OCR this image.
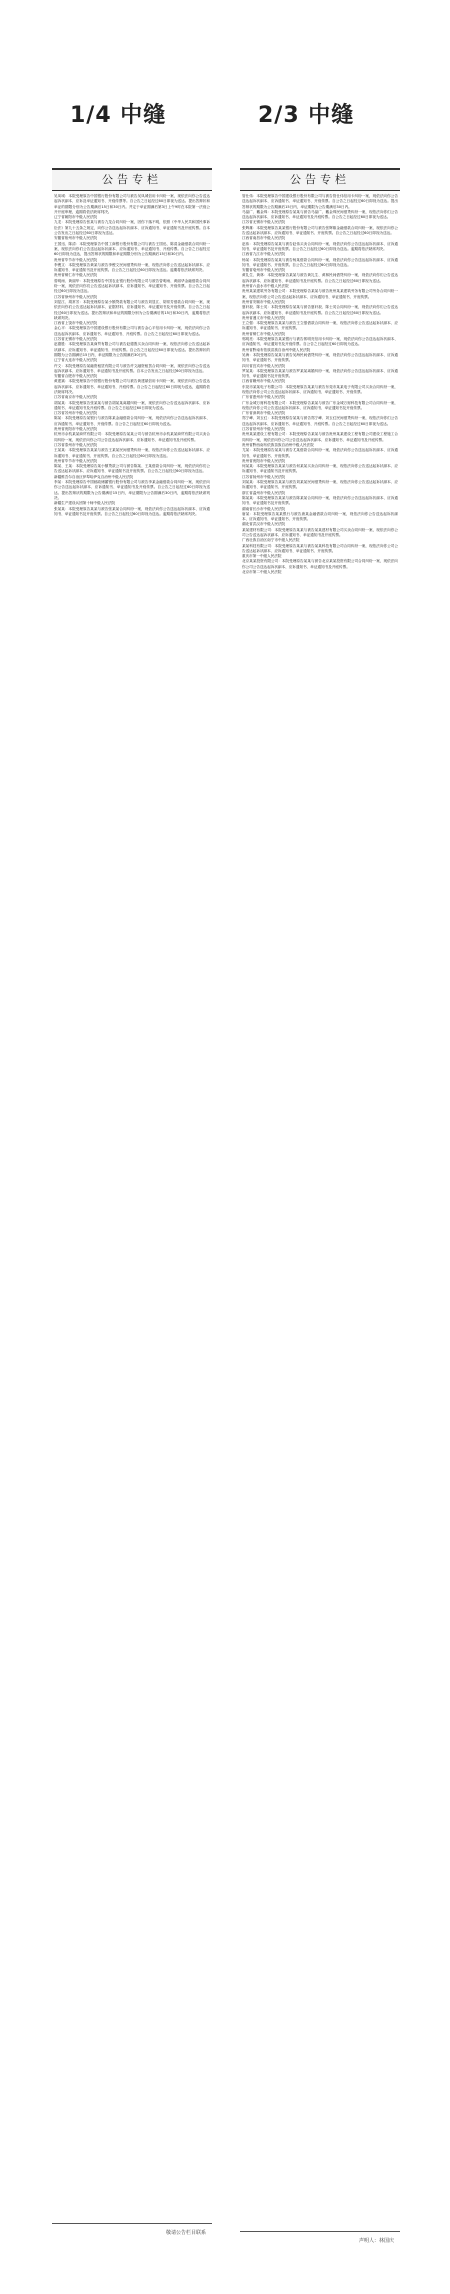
1/4 中缝	2/3 中缝
公告专栏

吴凤城：本院受理原告中国银行股份有限公司与被告吴凤城信用卡纠纷一案，现依法向你公告送达起诉状副本、应诉及举证通知书、开庭传票等。自公告之日起经过60日即视为送达。提出答辩状和举证的期限分别为公告期满后15日和30日内。并定于举证期满后第3日上午9时在本院第一法庭公开开庭审理，逾期将依法缺席判决。
辽宁省朝阳市中级人民法院
九龙：本院受理原告张某与被告九龙合同纠纷一案，因你下落不明，依照《中华人民共和国民事诉讼法》第九十五条之规定，向你公告送达起诉状副本、应诉通知书、举证通知书及开庭传票。自本公告发出之日起经过60日即视为送达。
安徽省宿州市中级人民法院
王国迅、陈清：本院受理原告中国工商银行股份有限公司与被告王国迅、陈清金融借款合同纠纷一案，现依法向你们公告送达起诉状副本、应诉通知书、举证通知书、开庭传票。自公告之日起经过60日即视为送达，提出答辩状的期限和举证期限分别为公告期满后15日和30日内。
贵州省毕节市中级人民法院
李俊文：本院受理原告黄某与被告李俊文民间借贷纠纷一案，现依法向你公告送达起诉状副本、应诉通知书、举证通知书及开庭传票。自公告之日起经过60日即视为送达。逾期将依法缺席判决。
贵州省铜仁市中级人民法院
曾明雨、黄丽华：本院受理原告中国农业银行股份有限公司与被告曾明雨、黄丽华金融借款合同纠纷一案，现依法向你们公告送达起诉状副本、应诉通知书、举证通知书、开庭传票。自公告之日起经过60日即视为送达。
江苏省徐州市中级人民法院
刘显江、胡常芳：本院受理原告某小额贷款有限公司与被告刘显江、胡常芳借款合同纠纷一案，现依法向你们公告送达起诉状副本、证据材料、应诉通知书、举证通知书及开庭传票。自公告之日起经过60日即视为送达。提出答辩状和举证的期限分别为公告期满后的15日和30日内，逾期将依法缺席判决。
江西省上饶市中级人民法院
金心平：本院受理原告中国建设银行股份有限公司与被告金心平信用卡纠纷一案，现依法向你公告送达起诉状副本、应诉通知书、举证通知书、开庭传票。自公告之日起经过60日即视为送达。
江苏省无锡市中级人民法院
赵德胜：本院受理原告某商贸有限公司与被告赵德胜买卖合同纠纷一案，现依法向你公告送达起诉状副本、应诉通知书、举证通知书、开庭传票。自公告之日起经过60日即视为送达。提出答辩状的期限为公告期满后15日内，举证期限为公告期满后30日内。
辽宁省大连市中级人民法院
许文：本院受理原告某融资租赁有限公司与被告许文融资租赁合同纠纷一案，现依法向你公告送达起诉状副本、应诉通知书、举证通知书及开庭传票。自本公告发出之日起经过60日即视为送达。
安徽省合肥市中级人民法院
黄建斌：本院受理原告中国银行股份有限公司与被告黄建斌信用卡纠纷一案，现依法向你公告送达起诉状副本、应诉通知书、举证通知书、开庭传票。自公告之日起经过60日即视为送达，逾期将依法缺席判决。
江苏省南京市中级人民法院
胡某某：本院受理原告张某某与被告胡某某离婚纠纷一案，现依法向你公告送达起诉状副本、应诉通知书、举证通知书及开庭传票。自公告之日起经过60日即视为送达。
江苏省苏州市中级人民法院
陈某：本院受理原告某银行与被告陈某金融借款合同纠纷一案，现依法向你公告送达起诉状副本、应诉通知书、举证通知书、开庭传票。自公告之日起经过60日即视为送达。
贵州省贵阳市中级人民法院
杭州市余杭某某商贸有限公司：本院受理原告某某公司与被告杭州市余杭某某商贸有限公司买卖合同纠纷一案，现依法向你公司公告送达起诉状副本、应诉通知书、举证通知书及开庭传票。
江苏省泰州市中级人民法院
王某某：本院受理原告某某与被告王某某民间借贷纠纷一案，现依法向你公告送达起诉状副本、应诉通知书、举证通知书、开庭传票。自公告之日起经过60日即视为送达。
贵州省毕节市中级人民法院
陈某、王某：本院受理原告某小额贷款公司与被告陈某、王某借款合同纠纷一案，现依法向你们公告送达起诉状副本、应诉通知书、举证通知书及开庭传票。自公告之日起经过60日即视为送达。
新疆维吾尔自治区伊犁哈萨克自治州中级人民法院
李某：本院受理原告中国邮政储蓄银行股份有限公司与被告李某金融借款合同纠纷一案，现依法向你公告送达起诉状副本、应诉通知书、举证通知书及开庭传票。自公告之日起经过60日即视为送达。提出答辩状的期限为公告期满后15日内，举证期限为公告期满后30日内，逾期将依法缺席判决。
新疆生产建设兵团第十师中级人民法院
张某某：本院受理原告某某与被告张某某合同纠纷一案，现依法向你公告送达起诉状副本、应诉通知书、举证通知书及开庭传票。自公告之日起经过60日即视为送达。逾期将依法缺席判决。

敬请公告栏目联系
公告专栏

管仕伟：本院受理原告中国建设银行股份有限公司与被告管仕伟信用卡纠纷一案，现依法向你公告送达起诉状副本、应诉通知书、举证通知书、开庭传票。自公告之日起经过60日即视为送达。提出答辩状的期限为公告期满后15日内，举证期限为公告期满后30日内。
马晶广、戴金珠：本院受理原告某某与被告马晶广、戴金珠民间借贷纠纷一案，现依法向你们公告送达起诉状副本、应诉通知书、举证通知书及开庭传票。自公告之日起经过60日即视为送达。
江苏省无锡市中级人民法院
张辉雄：本院受理原告某某银行股份有限公司与被告张辉雄金融借款合同纠纷一案，现依法向你公告送达起诉状副本、应诉通知书、举证通知书、开庭传票。自公告之日起经过60日即视为送达。
江西省南昌市中级人民法院
赵伟：本院受理原告某某与被告赵伟买卖合同纠纷一案，现依法向你公告送达起诉状副本、应诉通知书、举证通知书及开庭传票。自公告之日起经过60日即视为送达。逾期将依法缺席判决。
江西省九江市中级人民法院
杨某：本院受理原告某某与被告杨某借款合同纠纷一案，现依法向你公告送达起诉状副本、应诉通知书、举证通知书、开庭传票。自公告之日起经过60日即视为送达。
安徽省亳州市中级人民法院
黄礼生、黄林：本院受理原告某某与被告黄礼生、黄林民间借贷纠纷一案，现依法向你们公告送达起诉状副本、应诉通知书、举证通知书及开庭传票。自公告之日起经过60日即视为送达。
贵州省六盘水市中级人民法院
贵州某某建筑劳务有限公司：本院受理原告某某与被告贵州某某建筑劳务有限公司劳务合同纠纷一案，现依法向你公司公告送达起诉状副本、应诉通知书、举证通知书、开庭传票。
贵州省安顺市中级人民法院
夏轩菽、陈士英：本院受理原告某某与被告夏轩菽、陈士英合同纠纷一案，现依法向你们公告送达起诉状副本、应诉通知书、举证通知书及开庭传票。自公告之日起经过60日即视为送达。
贵州省遵义市中级人民法院
王立强：本院受理原告某某与被告王立强借款合同纠纷一案，现依法向你公告送达起诉状副本、应诉通知书、举证通知书、开庭传票。
贵州省铜仁市中级人民法院
郭明亮：本院受理原告某某银行与被告郭明亮信用卡纠纷一案，现依法向你公告送达起诉状副本、应诉通知书、举证通知书及开庭传票。自公告之日起经过60日即视为送达。
贵州省黔南布依族苗族自治州中级人民法院
吴海：本院受理原告某某与被告吴海民间借贷纠纷一案，现依法向你公告送达起诉状副本、应诉通知书、举证通知书、开庭传票。
四川省宜宾市中级人民法院
罗某某：本院受理原告某某与被告罗某某离婚纠纷一案，现依法向你公告送达起诉状副本、应诉通知书、举证通知书及开庭传票。
江西省赣州市中级人民法院
东莞市某某电子有限公司：本院受理原告某某与被告东莞市某某电子有限公司买卖合同纠纷一案，现依法向你公司公告送达起诉状副本、应诉通知书、举证通知书、开庭传票。
广东省惠州市中级人民法院
广东金城万财科技有限公司：本院受理原告某某与被告广东金城万财科技有限公司合同纠纷一案，现依法向你公司公告送达起诉状副本、应诉通知书、举证通知书及开庭传票。
广东省深圳市中级人民法院
郑宁峰、刘玉红：本院受理原告某某与被告郑宁峰、刘玉红民间借贷纠纷一案，现依法向你们公告送达起诉状副本、应诉通知书、举证通知书、开庭传票。自公告之日起经过60日即视为送达。
江苏省常州市中级人民法院
贵州某某建设工程有限公司：本院受理原告某某与被告贵州某某建设工程有限公司建设工程施工合同纠纷一案，现依法向你公司公告送达起诉状副本、应诉通知书、举证通知书及开庭传票。
贵州省黔西南布依族苗族自治州中级人民法院
尤某：本院受理原告某某与被告尤某借款合同纠纷一案，现依法向你公告送达起诉状副本、应诉通知书、举证通知书、开庭传票。
贵州省贵阳市中级人民法院
何某某：本院受理原告某某与被告何某某买卖合同纠纷一案，现依法向你公告送达起诉状副本、应诉通知书、举证通知书及开庭传票。
江苏省扬州市中级人民法院
刘某某：本院受理原告某某与被告刘某某民间借贷纠纷一案，现依法向你公告送达起诉状副本、应诉通知书、举证通知书、开庭传票。
浙江省温州市中级人民法院
陈某某：本院受理原告某某与被告陈某某合同纠纷一案，现依法向你公告送达起诉状副本、应诉通知书、举证通知书及开庭传票。
湖南省长沙市中级人民法院
唐某：本院受理原告某某银行与被告唐某金融借款合同纠纷一案，现依法向你公告送达起诉状副本、应诉通知书、举证通知书、开庭传票。
湖北省武汉市中级人民法院
某某建材有限公司：本院受理原告某某与被告某某建材有限公司买卖合同纠纷一案，现依法向你公司公告送达起诉状副本、应诉通知书、举证通知书及开庭传票。
广西壮族自治区南宁市中级人民法院
某某科技有限公司：本院受理原告某某与被告某某科技有限公司合同纠纷一案，现依法向你公司公告送达起诉状副本、应诉通知书、举证通知书、开庭传票。
重庆市第一中级人民法院
北京某某投资有限公司：本院受理原告某某与被告北京某某投资有限公司合同纠纷一案，现依法向你公司公告送达起诉状副本、应诉通知书、举证通知书及开庭传票。
北京市第二中级人民法院

声明人：林国庆
